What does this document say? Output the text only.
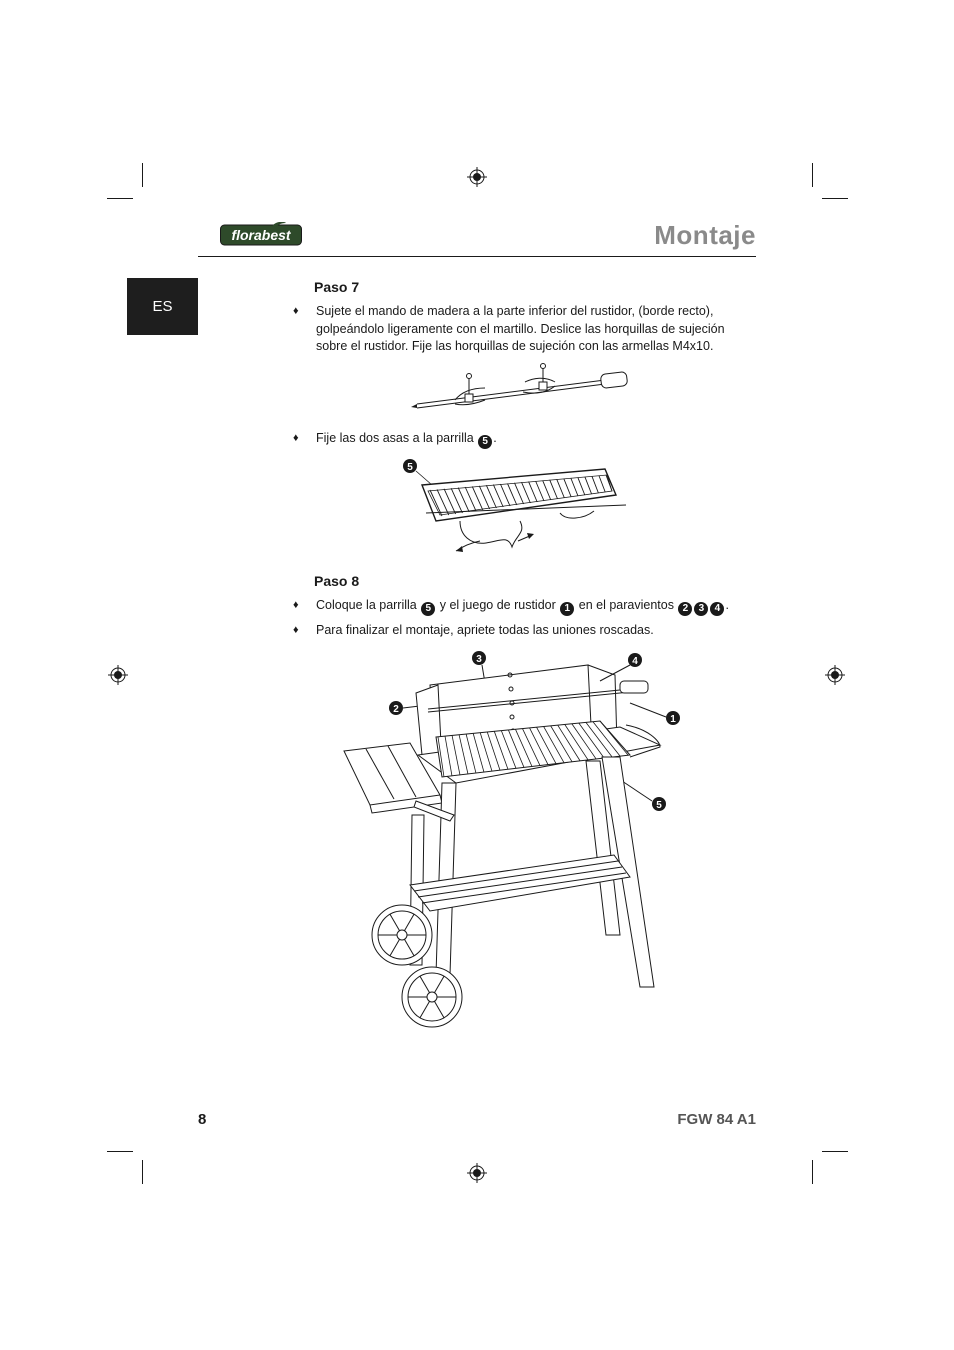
florabest	Montaje
ES
Paso 7
♦	Sujete el mando de madera a la parte inferior del rustidor, (borde recto), golpeándolo ligeramente con el martillo. Deslice las horquillas de sujeción sobre el rustidor. Fije las horquillas de sujeción con las armellas M4x10.
♦	Fije las dos asas a la parrilla 5 .
5
Paso 8
♦	Coloque la parrilla 5 y el juego de rustidor 1 en el paravientos 2 3 4 .
♦	Para finalizar el montaje, apriete todas las uniones roscadas.
3	4
2
1
5
8	FGW 84 A1
